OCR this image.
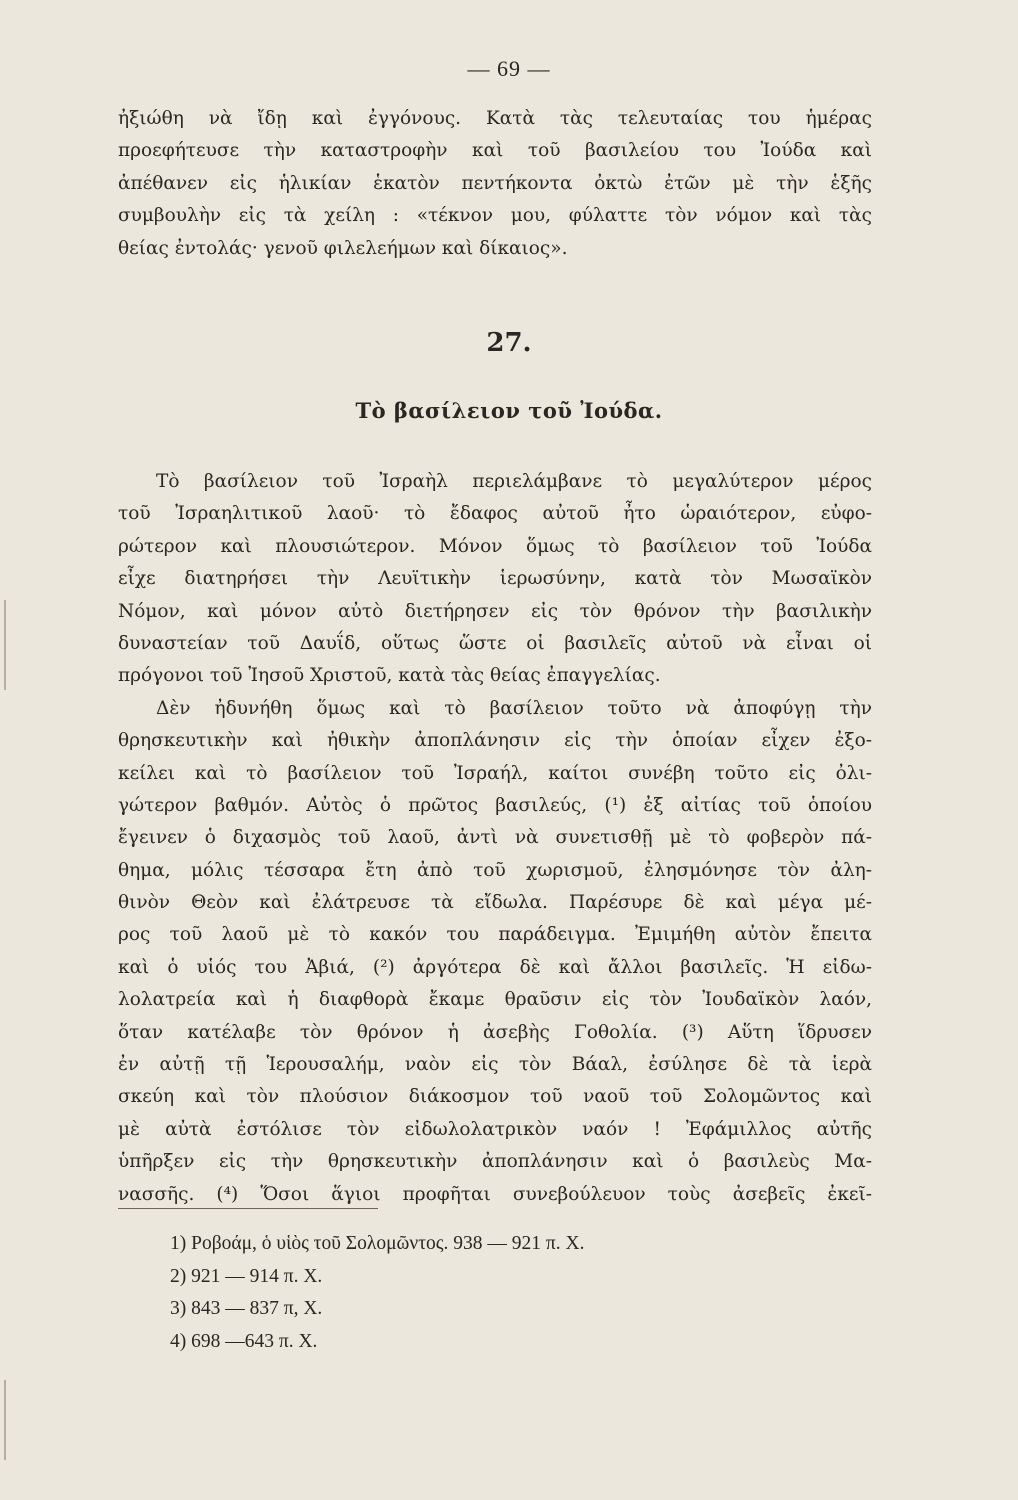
— 69 —
ἠξιώθη νὰ ἴδῃ καὶ ἐγγόνους. Κατὰ τὰς τελευταίας του ἡμέρας
προεφήτευσε τὴν καταστροφὴν καὶ τοῦ βασιλείου του Ἰούδα καὶ
ἀπέθανεν εἰς ἡλικίαν ἑκατὸν πεντήκοντα ὀκτὼ ἐτῶν μὲ τὴν ἑξῆς
συμβουλὴν εἰς τὰ χείλη : «τέκνον μου, φύλαττε τὸν νόμον καὶ τὰς
θείας ἐντολάς· γενοῦ φιλελεήμων καὶ δίκαιος».
27.
Τὸ βασίλειον τοῦ Ἰούδα.
Τὸ βασίλειον τοῦ Ἰσραὴλ περιελάμβανε τὸ μεγαλύτερον μέρος
τοῦ Ἰσραηλιτικοῦ λαοῦ· τὸ ἔδαφος αὐτοῦ ἦτο ὡραιότερον, εὐφο-
ρώτερον καὶ πλουσιώτερον. Μόνον ὅμως τὸ βασίλειον τοῦ Ἰούδα
εἶχε διατηρήσει τὴν Λευϊτικὴν ἱερωσύνην, κατὰ τὸν Μωσαϊκὸν
Νόμον, καὶ μόνον αὐτὸ διετήρησεν εἰς τὸν θρόνον τὴν βασιλικὴν
δυναστείαν τοῦ Δαυΐδ, οὕτως ὥστε οἱ βασιλεῖς αὐτοῦ νὰ εἶναι οἱ
πρόγονοι τοῦ Ἰησοῦ Χριστοῦ, κατὰ τὰς θείας ἐπαγγελίας.
Δὲν ἠδυνήθη ὅμως καὶ τὸ βασίλειον τοῦτο νὰ ἀποφύγῃ τὴν
θρησκευτικὴν καὶ ἠθικὴν ἀποπλάνησιν εἰς τὴν ὁποίαν εἶχεν ἐξο-
κείλει καὶ τὸ βασίλειον τοῦ Ἰσραήλ, καίτοι συνέβη τοῦτο εἰς ὀλι-
γώτερον βαθμόν. Αὐτὸς ὁ πρῶτος βασιλεύς, (¹) ἐξ αἰτίας τοῦ ὁποίου
ἔγεινεν ὁ διχασμὸς τοῦ λαοῦ, ἀντὶ νὰ συνετισθῇ μὲ τὸ φοβερὸν πά-
θημα, μόλις τέσσαρα ἔτη ἀπὸ τοῦ χωρισμοῦ, ἐλησμόνησε τὸν ἀλη-
θινὸν Θεὸν καὶ ἐλάτρευσε τὰ εἴδωλα. Παρέσυρε δὲ καὶ μέγα μέ-
ρος τοῦ λαοῦ μὲ τὸ κακόν του παράδειγμα. Ἐμιμήθη αὐτὸν ἔπειτα
καὶ ὁ υἱός του Ἀβιά, (²) ἀργότερα δὲ καὶ ἄλλοι βασιλεῖς. Ἡ εἰδω-
λολατρεία καὶ ἡ διαφθορὰ ἔκαμε θραῦσιν εἰς τὸν Ἰουδαϊκὸν λαόν,
ὅταν κατέλαβε τὸν θρόνον ἡ ἀσεβὴς Γοθολία. (³) Αὕτη ἵδρυσεν
ἐν αὐτῇ τῇ Ἱερουσαλήμ, ναὸν εἰς τὸν Βάαλ, ἐσύλησε δὲ τὰ ἱερὰ
σκεύη καὶ τὸν πλούσιον διάκοσμον τοῦ ναοῦ τοῦ Σολομῶντος καὶ
μὲ αὐτὰ ἐστόλισε τὸν εἰδωλολατρικὸν ναόν ! Ἐφάμιλλος αὐτῆς
ὑπῆρξεν εἰς τὴν θρησκευτικὴν ἀποπλάνησιν καὶ ὁ βασιλεὺς Μα-
νασσῆς. (⁴) Ὅσοι ἅγιοι προφῆται συνεβούλευον τοὺς ἀσεβεῖς ἐκεῖ-
1) Ροβοάμ, ὁ υἱὸς τοῦ Σολομῶντος. 938 — 921 π. Χ.
2) 921 — 914 π. Χ.
3) 843 — 837 π, Χ.
4) 698 —643 π. Χ.
